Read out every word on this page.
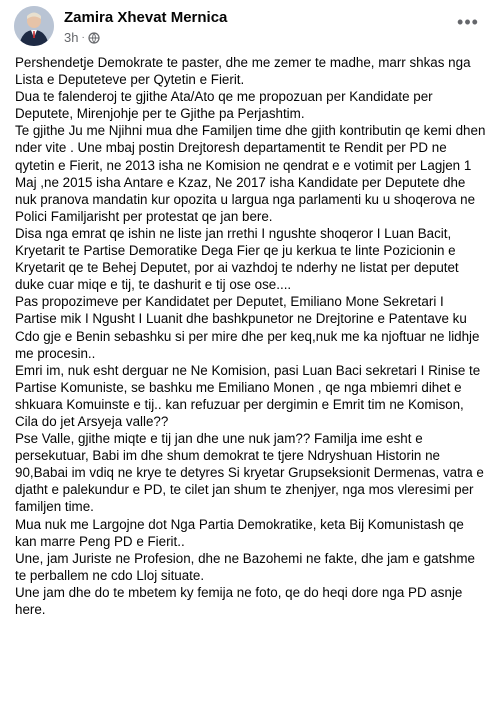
Zamira Xhevat Mernica
3h ·
•••

Pershendetje Demokrate te paster, dhe me zemer te madhe, marr shkas nga Lista e Deputeteve per Qytetin e Fierit.

Dua te falenderoj te gjithe Ata/Ato qe me propozuan per Kandidate per Deputete, Mirenjohje per te Gjithe pa Perjashtim.

Te gjithe Ju me Njihni mua dhe Familjen time dhe gjith kontributin qe kemi dhen nder vite . Une mbaj postin Drejtoresh departamentit te Rendit per PD ne qytetin e Fierit, ne 2013 isha ne Komision ne qendrat e e votimit per Lagjen 1 Maj ,ne 2015 isha Antare e Kzaz, Ne 2017 isha Kandidate per Deputete dhe nuk pranova mandatin kur opozita u largua nga parlamenti ku u shoqerova ne Polici Familjarisht per protestat qe jan bere.

Disa nga emrat qe ishin ne liste jan rrethi I ngushte shoqeror I Luan Bacit, Kryetarit te Partise Demoratike Dega Fier qe ju kerkua te linte Pozicionin e Kryetarit qe te Behej Deputet, por ai vazhdoj te nderhy ne listat per deputet duke cuar miqe e tij, te dashurit e tij ose ose....

Pas propozimeve per Kandidatet per Deputet, Emiliano Mone Sekretari I Partise mik I Ngusht I Luanit dhe bashkpunetor ne Drejtorine e Patentave ku Cdo gje e Benin sebashku si per mire dhe per keq,nuk me ka njoftuar ne lidhje me procesin..

Emri im, nuk esht derguar ne Ne Komision, pasi Luan Baci sekretari I Rinise te Partise Komuniste, se bashku me Emiliano Monen , qe nga mbiemri dihet e shkuara Komuinste e tij.. kan refuzuar per dergimin e Emrit tim ne Komison, Cila do jet Arsyeja valle??

Pse Valle, gjithe miqte e tij jan dhe une nuk jam?? Familja ime esht e persekutuar, Babi im dhe shum demokrat te tjere Ndryshuan Historin ne 90,Babai im vdiq ne krye te detyres Si kryetar Grupseksionit Dermenas, vatra e djatht e palekundur e PD, te cilet jan shum te zhenjyer, nga mos vleresimi per familjen time.

Mua nuk me Largojne dot Nga Partia Demokratike, keta Bij Komunistash qe kan marre Peng PD e Fierit..

Une, jam Juriste ne Profesion, dhe ne Bazohemi ne fakte, dhe jam e gatshme te perballem ne cdo Lloj situate.

Une jam dhe do te mbetem ky femija ne foto, qe do heqi dore nga PD asnje here.
